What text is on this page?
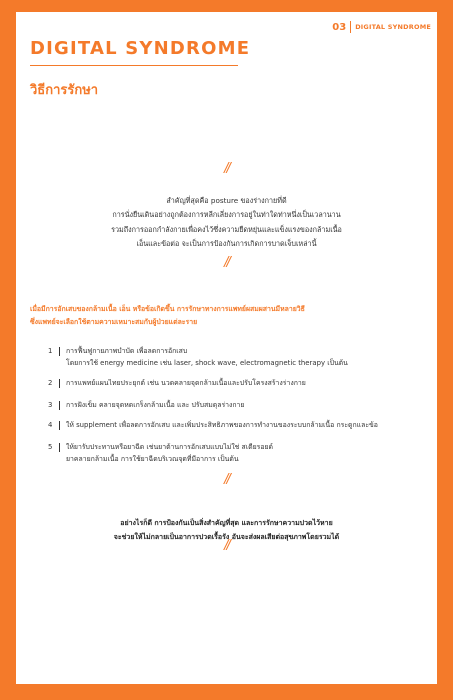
03 DIGITAL SYNDROME
DIGITAL SYNDROME
วิธีการรักษา
//
สำคัญที่สุดคือ posture ของร่างกายที่ดี
การนั่งยืนเดินอย่างถูกต้องการหลีกเลี่ยงการอยู่ในท่าใดท่าหนึ่งเป็นเวลานาน
รวมถึงการออกกำลังกายเพื่อคงไว้ซึ่งความยืดหยุ่นและแข็งแรงของกล้ามเนื้อ
เอ็นและข้อต่อ จะเป็นการป้องกันการเกิดการบาดเจ็บเหล่านี้
//
เมื่อมีการอักเสบของกล้ามเนื้อ เอ็น หรือข้อเกิดขึ้น การรักษาทางการแพทย์ผสมผสานมีหลายวิธี
ซึ่งแพทย์จะเลือกใช้ตามความเหมาะสมกับผู้ป่วยแต่ละราย
1	การฟื้นฟูกายภาพบำบัด เพื่อลดการอักเสบ
โดยการใช้ energy medicine เช่น laser, shock wave, electromagnetic therapy เป็นต้น
2	การแพทย์แผนไทยประยุกต์ เช่น นวดคลายจุดกล้ามเนื้อและปรับโครงสร้างร่างกาย
3	การฝังเข็ม คลายจุดหดเกร็งกล้ามเนื้อ และ ปรับสมดุลร่างกาย
4	ให้ supplement เพื่อลดการอักเสบ และเพิ่มประสิทธิภาพของการทำงานของระบบกล้ามเนื้อ กระดูกและข้อ
5	ให้ยารับประทานหรือยาฉีด เช่นยาต้านการอักเสบแบบไม่ใช่ สเตียรอยด์
ยาคลายกล้ามเนื้อ การใช้ยาฉีดบริเวณจุดที่มีอาการ เป็นต้น
//
อย่างไรก็ดี การป้องกันเป็นสิ่งสำคัญที่สุด และการรักษาความปวดไว้หาย
จะช่วยให้ไม่กลายเป็นอาการปวดเรื้อรัง อันจะส่งผลเสียต่อสุขภาพโดยรวมได้
//
